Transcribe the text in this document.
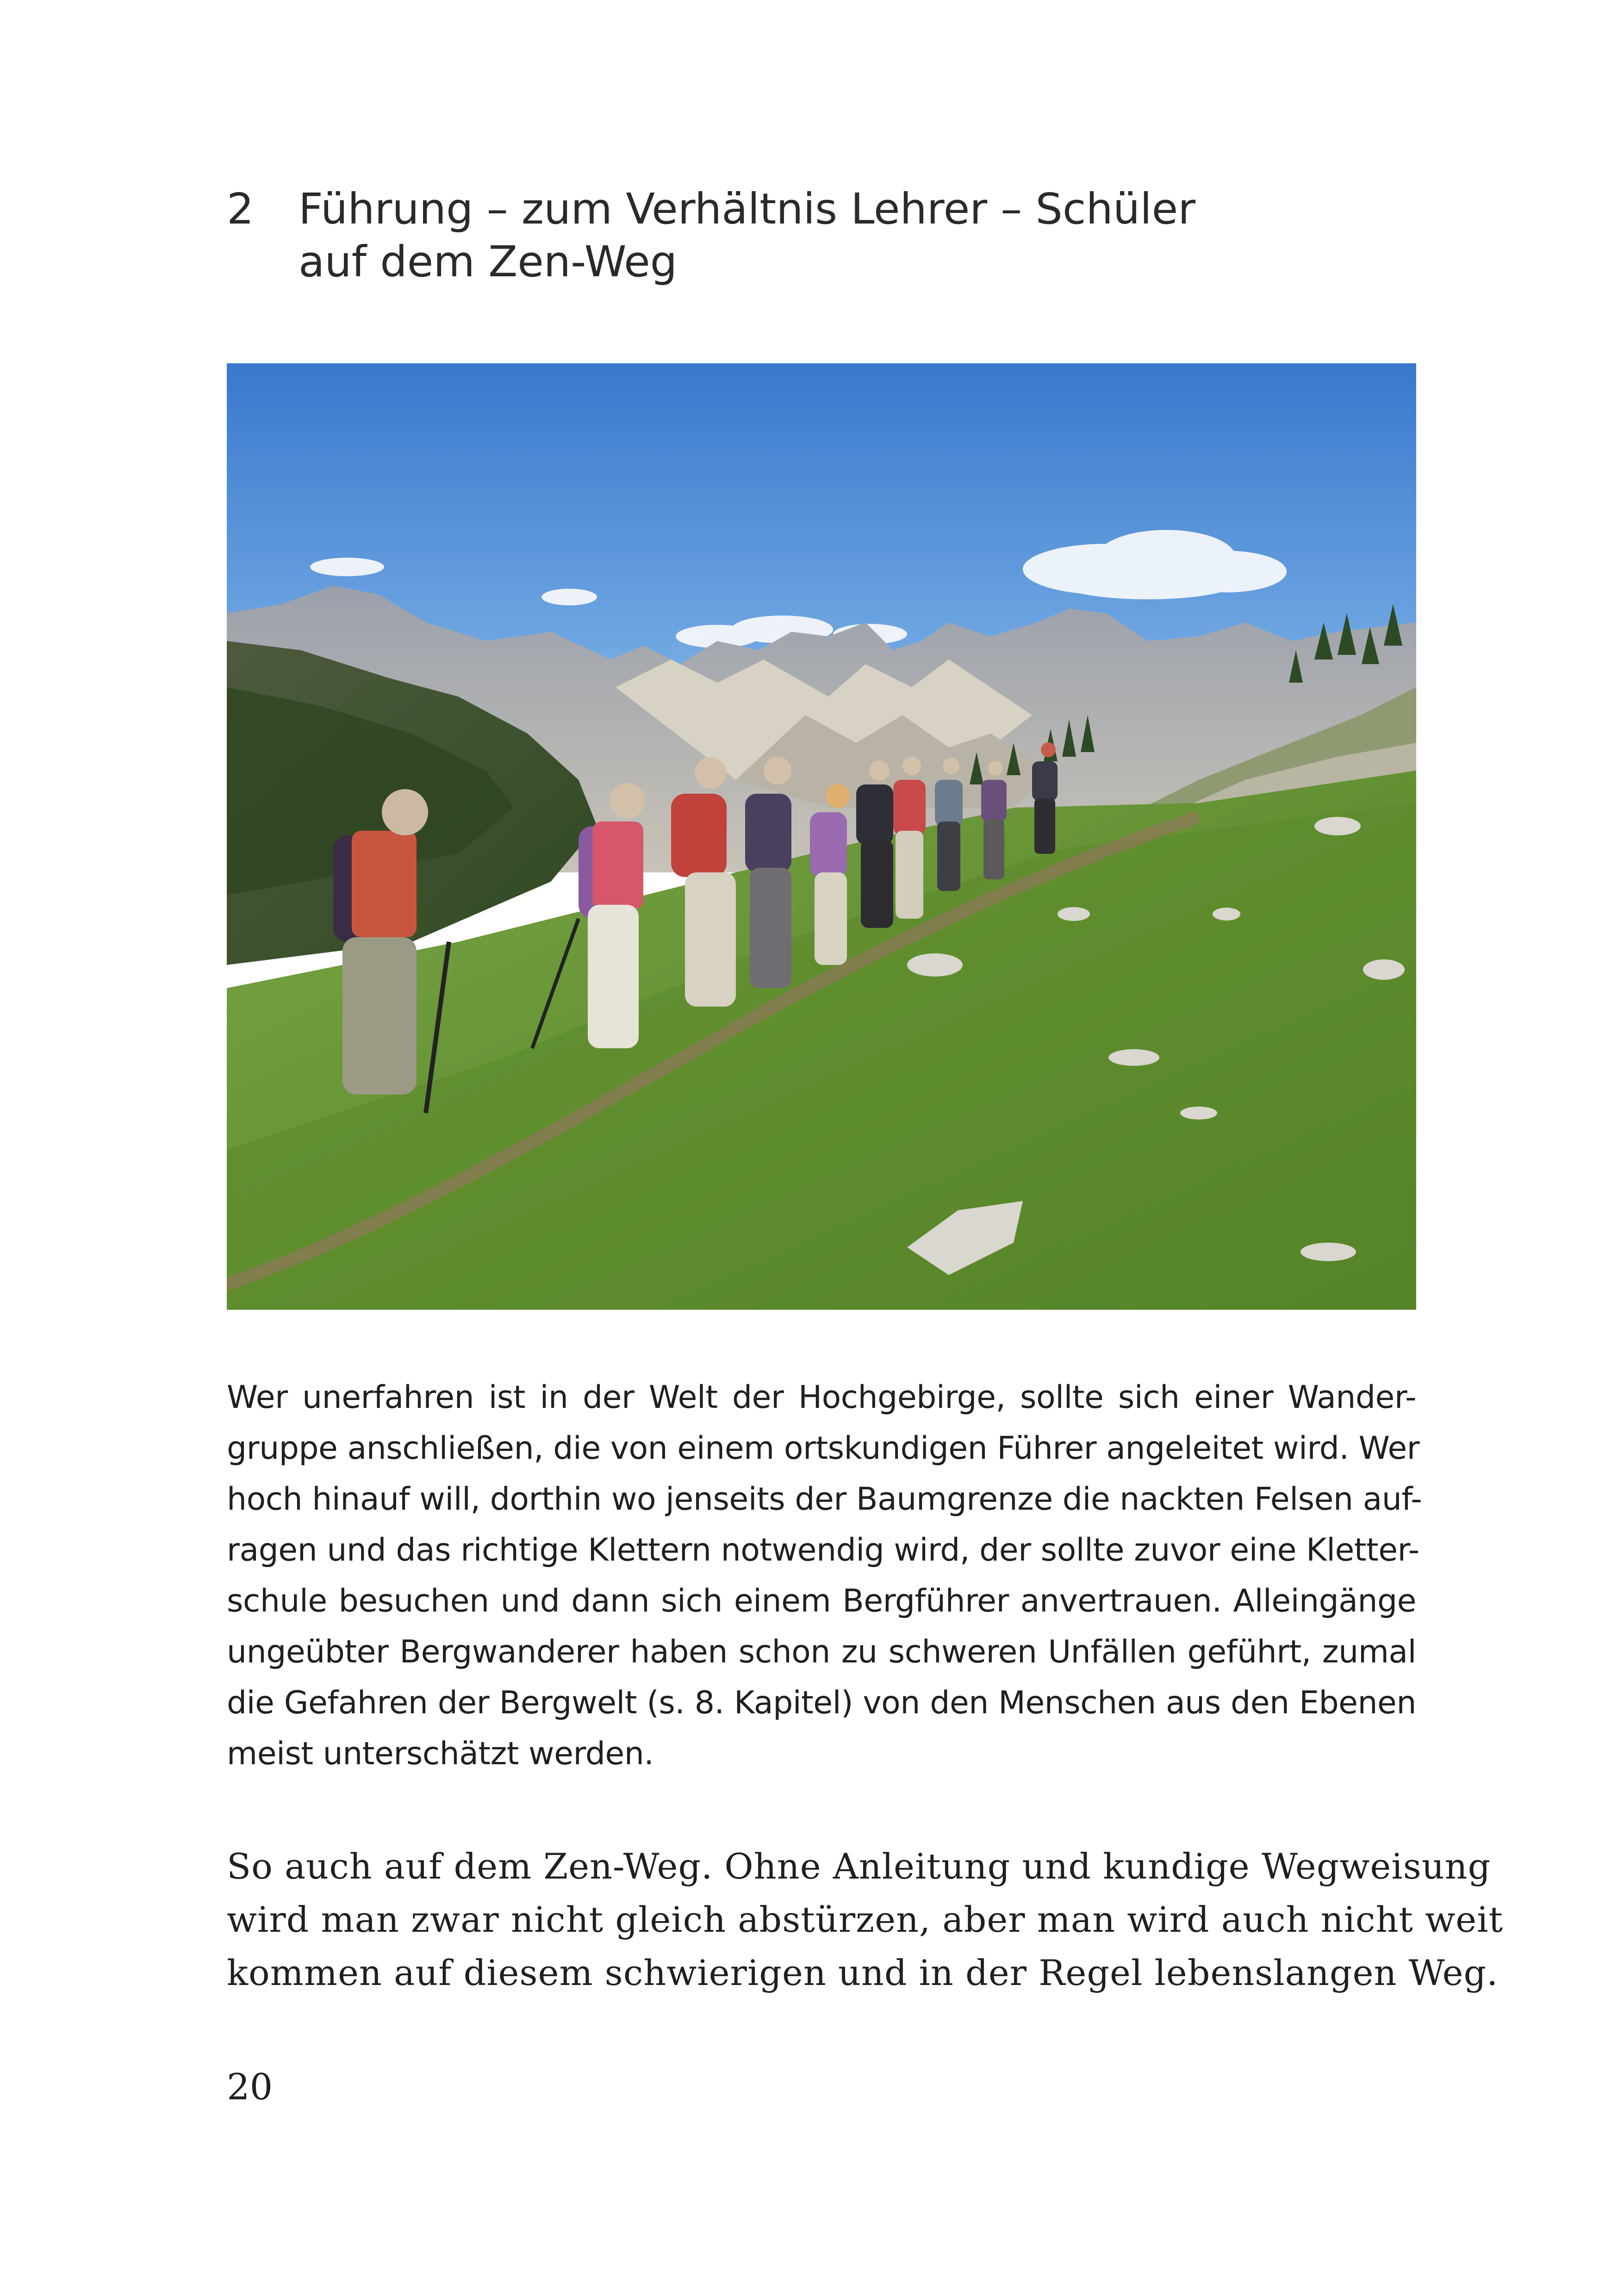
2 Führung – zum Verhältnis Lehrer – Schüler
auf dem Zen-Weg
Wer unerfahren ist in der Welt der Hochgebirge, sollte sich einer Wander-
gruppe anschließen, die von einem ortskundigen Führer angeleitet wird. Wer
hoch hinauf will, dorthin wo jenseits der Baumgrenze die nackten Felsen auf-
ragen und das richtige Klettern notwendig wird, der sollte zuvor eine Kletter-
schule besuchen und dann sich einem Bergführer anvertrauen. Alleingänge
ungeübter Bergwanderer haben schon zu schweren Unfällen geführt, zumal
die Gefahren der Bergwelt (s. 8. Kapitel) von den Menschen aus den Ebenen
meist unterschätzt werden.
So auch auf dem Zen-Weg. Ohne Anleitung und kundige Wegweisung
wird man zwar nicht gleich abstürzen, aber man wird auch nicht weit
kommen auf diesem schwierigen und in der Regel lebenslangen Weg.
20
